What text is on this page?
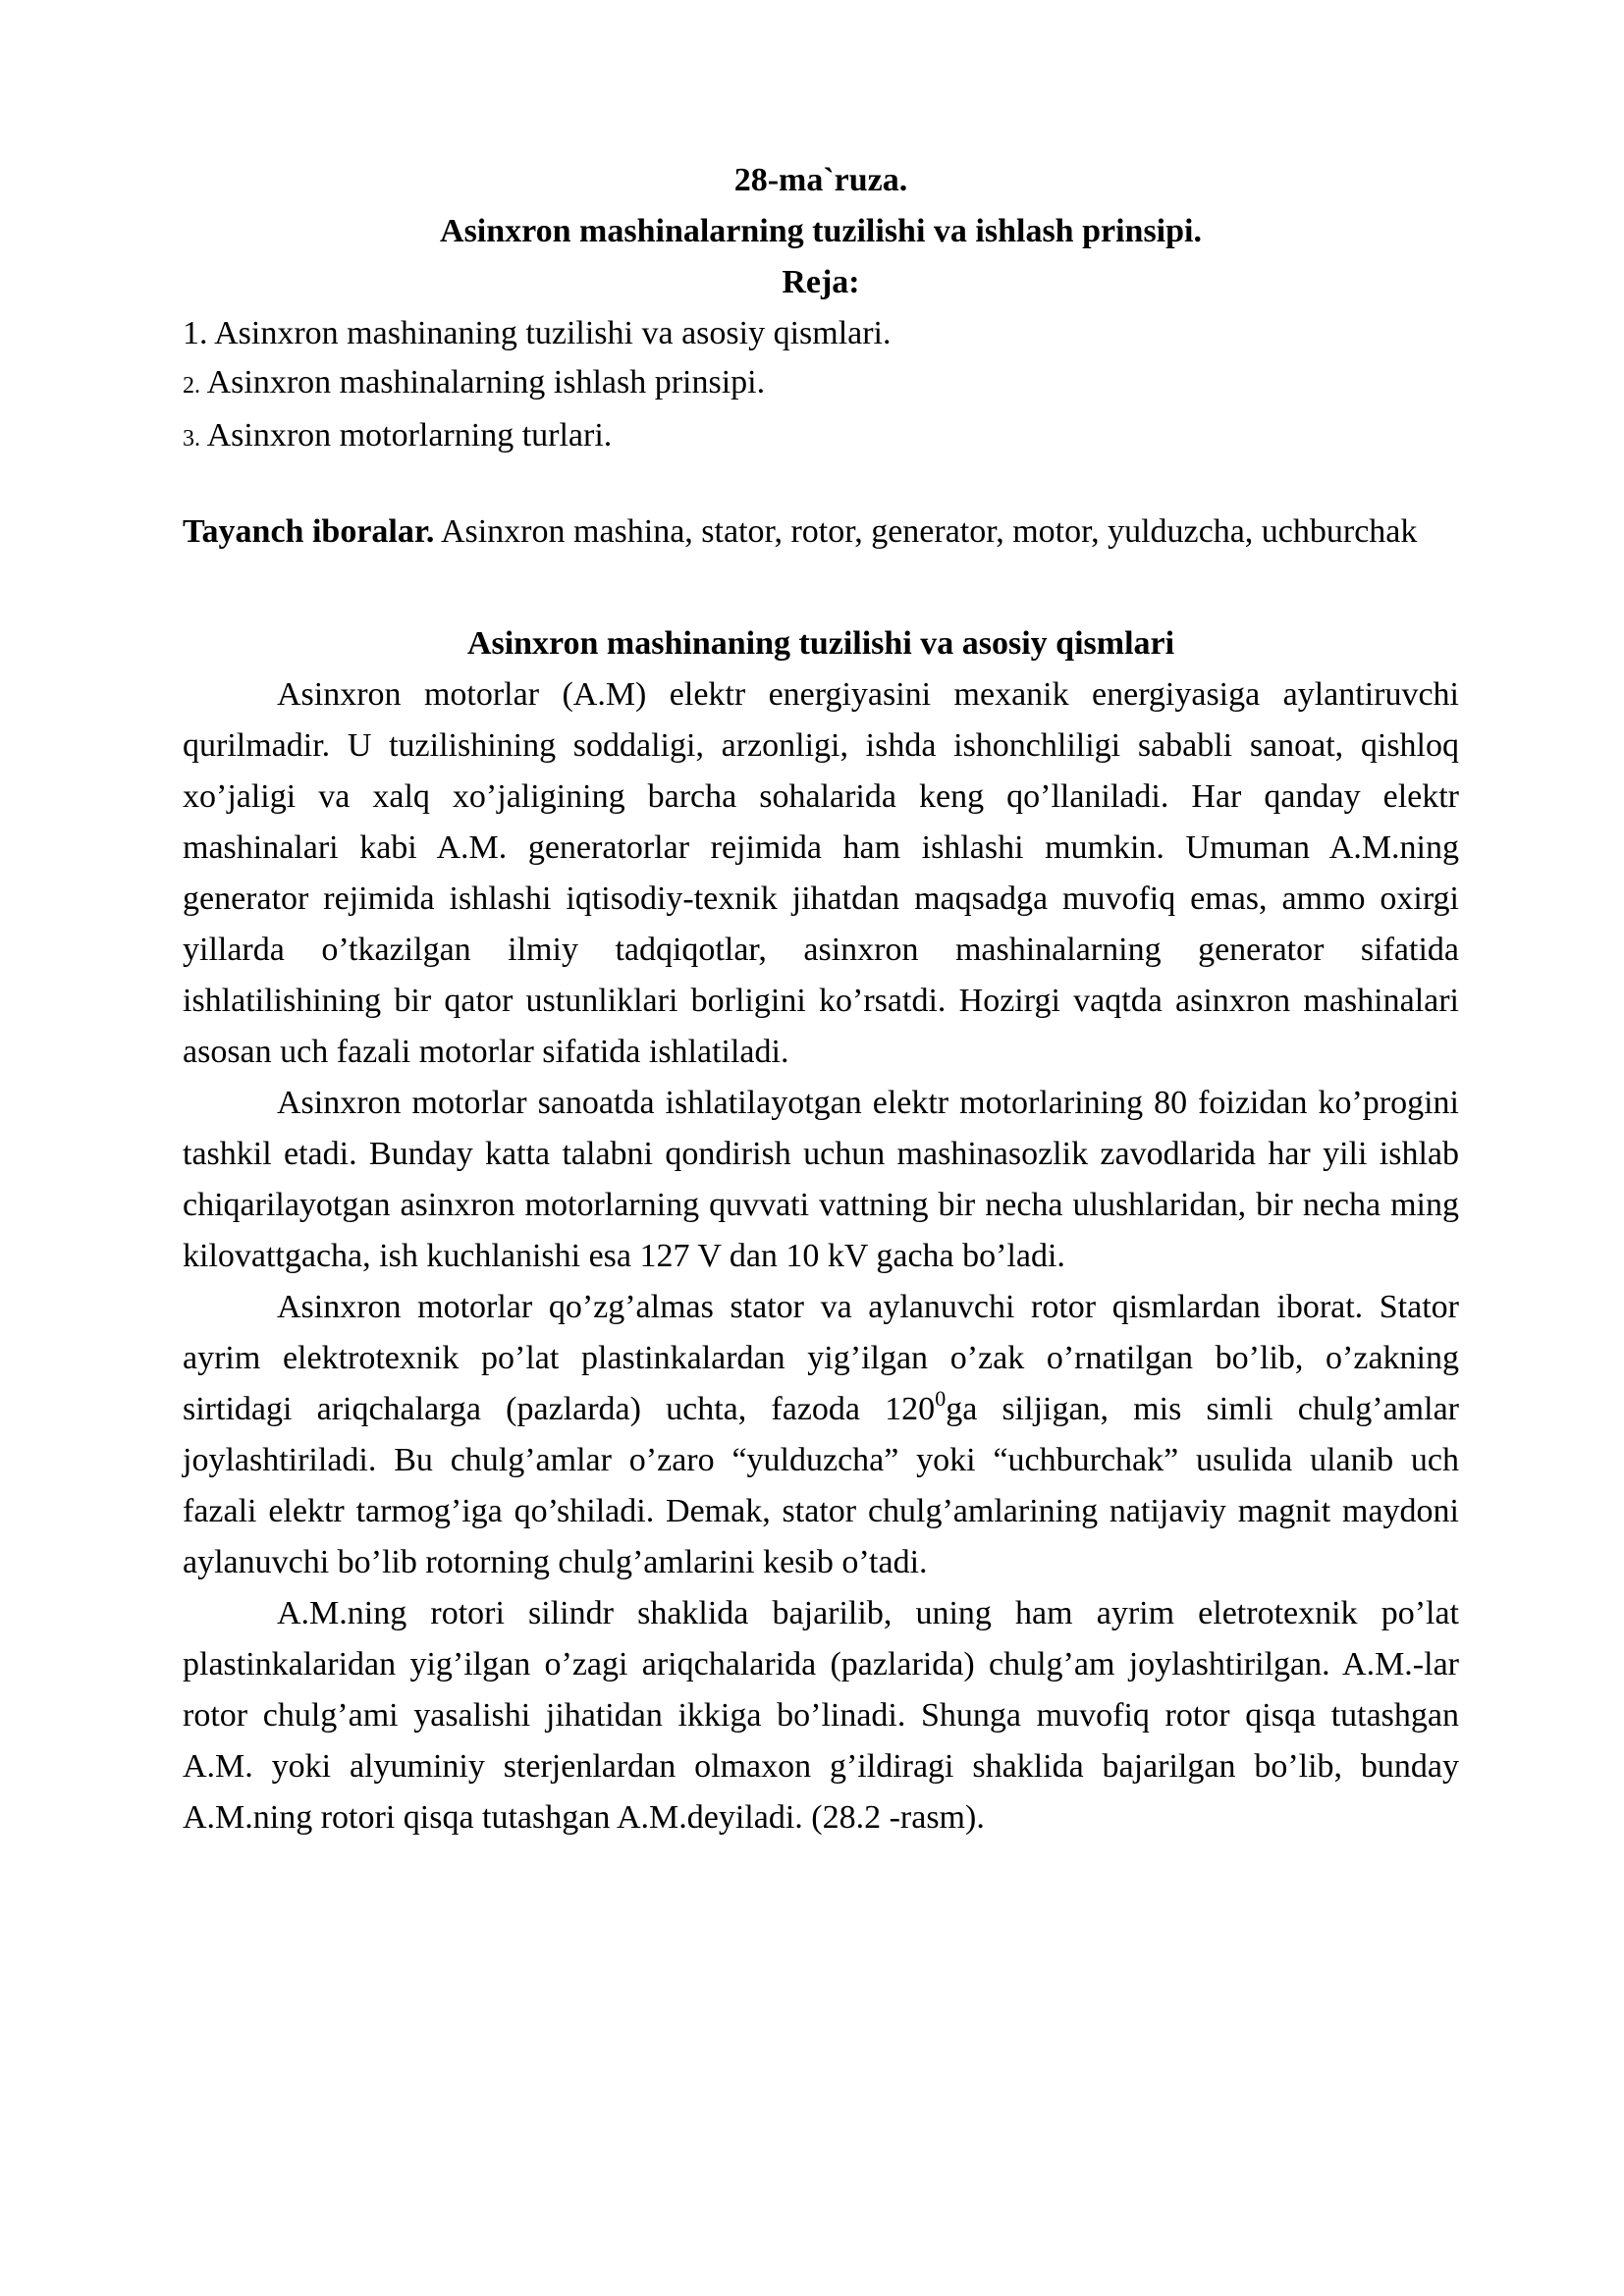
28-ma`ruza.
Asinxron mashinalarning tuzilishi va ishlash prinsipi.
Reja:
1. Asinxron mashinaning tuzilishi va asosiy qismlari.
2. Asinxron mashinalarning ishlash prinsipi.
3. Asinxron motorlarning turlari.
Tayanch iboralar. Asinxron mashina, stator, rotor, generator, motor, yulduzcha, uchburchak
Asinxron mashinaning tuzilishi va asosiy qismlari

Asinxron motorlar (A.M) elektr energiyasini mexanik energiyasiga aylantiruvchi qurilmadir. U tuzilishining soddaligi, arzonligi, ishda ishonchliligi sababli sanoat, qishloq xo’jaligi va xalq xo’jaligining barcha sohalarida keng qo’llaniladi. Har qanday elektr mashinalari kabi A.M. generatorlar rejimida ham ishlashi mumkin. Umuman A.M.ning generator rejimida ishlashi iqtisodiy-texnik jihatdan maqsadga muvofiq emas, ammo oxirgi yillarda o’tkazilgan ilmiy tadqiqotlar, asinxron mashinalarning generator sifatida ishlatilishining bir qator ustunliklari borligini ko’rsatdi. Hozirgi vaqtda asinxron mashinalari asosan uch fazali motorlar sifatida ishlatiladi.

Asinxron motorlar sanoatda ishlatilayotgan elektr motorlarining 80 foizidan ko’progini tashkil etadi. Bunday katta talabni qondirish uchun mashinasozlik zavodlarida har yili ishlab chiqarilayotgan asinxron motorlarning quvvati vattning bir necha ulushlaridan, bir necha ming kilovattgacha, ish kuchlanishi esa 127 V dan 10 kV gacha bo’ladi.

Asinxron motorlar qo’zg’almas stator va aylanuvchi rotor qismlardan iborat. Stator ayrim elektrotexnik po’lat plastinkalardan yig’ilgan o’zak o’rnatilgan bo’lib, o’zakning sirtidagi ariqchalarga (pazlarda) uchta, fazoda $120^0ga$ siljigan, mis simli chulg’amlar joylashtiriladi. Bu chulg’amlar o’zaro “yulduzcha” yoki “uchburchak” usulida ulanib uch fazali elektr tarmog’iga qo’shiladi. Demak, stator chulg’amlarining natijaviy magnit maydoni aylanuvchi bo’lib rotorning chulg’amlarini kesib o’tadi.

A.M.ning rotori silindr shaklida bajarilib, uning ham ayrim eletrotexnik po’lat plastinkalaridan yig’ilgan o’zagi ariqchalarida (pazlarida) chulg’am joylashtirilgan. A.M.-lar rotor chulg’ami yasalishi jihatidan ikkiga bo’linadi. Shunga muvofiq rotor qisqa tutashgan A.M. yoki alyuminiy sterjenlardan olmaxon g’ildiragi shaklida bajarilgan bo’lib, bunday A.M.ning rotori qisqa tutashgan A.M.deyiladi. (28.2 -rasm).
